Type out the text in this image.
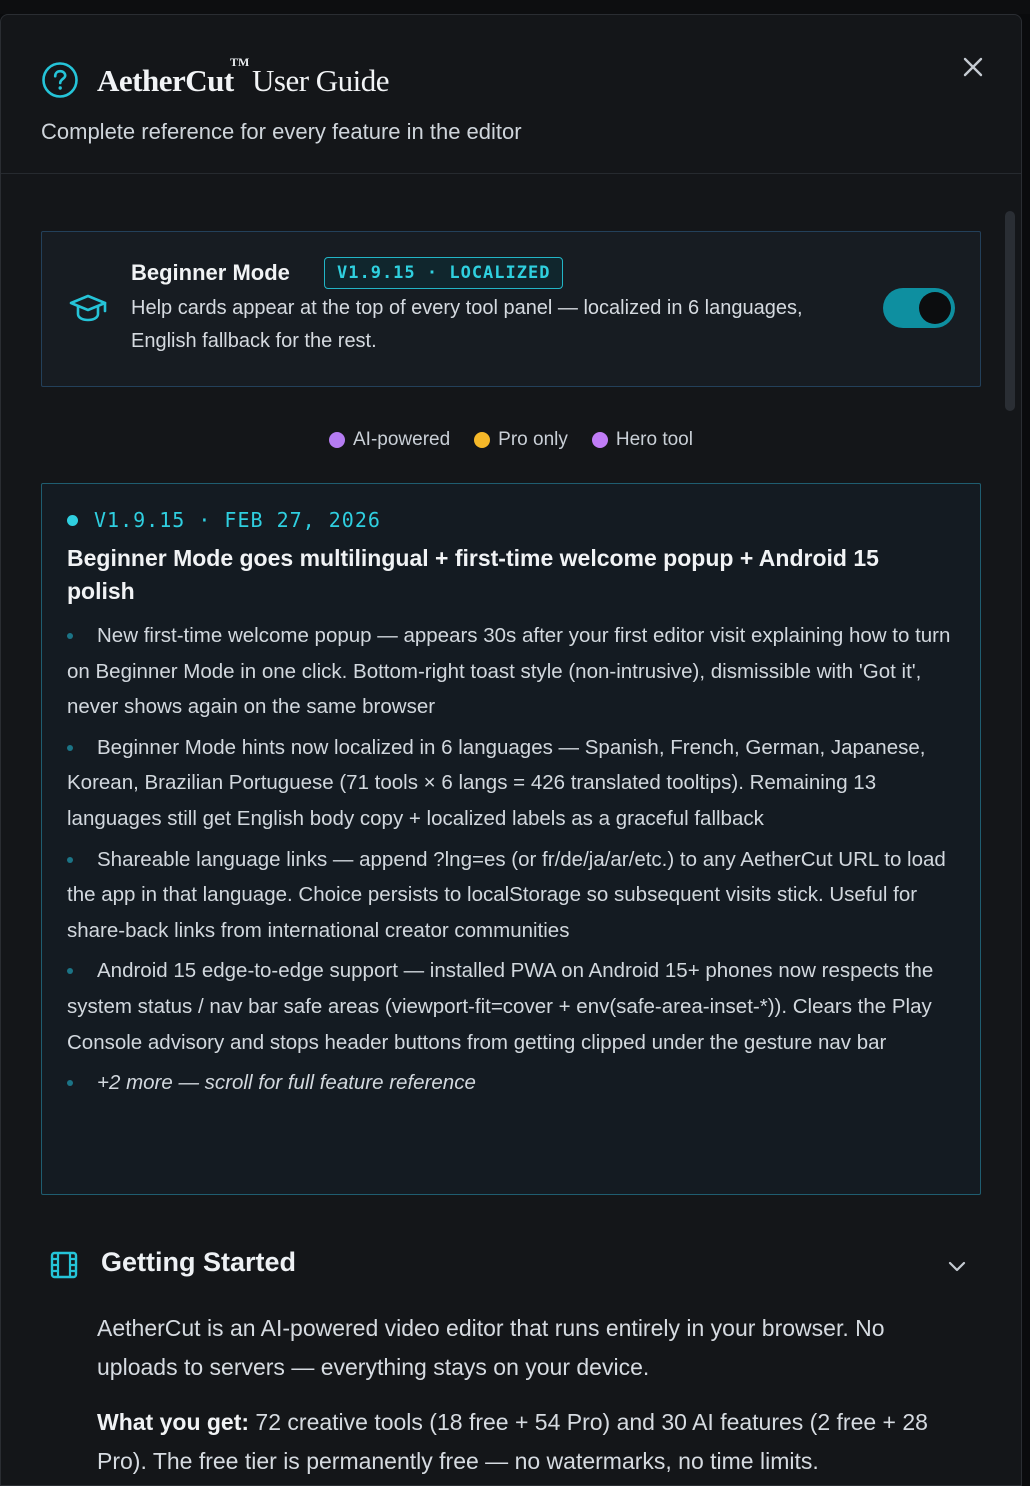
AetherCut
TM
User Guide
Complete reference for every feature in the editor
Beginner Mode	V1.9.15 · LOCALIZED
Help cards appear at the top of every tool panel — localized in 6 languages, English fallback for the rest.
AI-powered	Pro only	Hero tool
V1.9.15 · FEB 27, 2026
Beginner Mode goes multilingual + first-time welcome popup + Android 15 polish
New first-time welcome popup — appears 30s after your first editor visit explaining how to turn on Beginner Mode in one click. Bottom-right toast style (non-intrusive), dismissible with 'Got it', never shows again on the same browser
Beginner Mode hints now localized in 6 languages — Spanish, French, German, Japanese, Korean, Brazilian Portuguese (71 tools × 6 langs = 426 translated tooltips). Remaining 13 languages still get English body copy + localized labels as a graceful fallback
Shareable language links — append ?lng=es (or fr/de/ja/ar/etc.) to any AetherCut URL to load the app in that language. Choice persists to localStorage so subsequent visits stick. Useful for share-back links from international creator communities
Android 15 edge-to-edge support — installed PWA on Android 15+ phones now respects the system status / nav bar safe areas (viewport-fit=cover + env(safe-area-inset-*)). Clears the Play Console advisory and stops header buttons from getting clipped under the gesture nav bar
+2 more — scroll for full feature reference
Getting Started

AetherCut is an AI-powered video editor that runs entirely in your browser. No uploads to servers — everything stays on your device.

What you get: 72 creative tools (18 free + 54 Pro) and 30 AI features (2 free + 28 Pro). The free tier is permanently free — no watermarks, no time limits.
